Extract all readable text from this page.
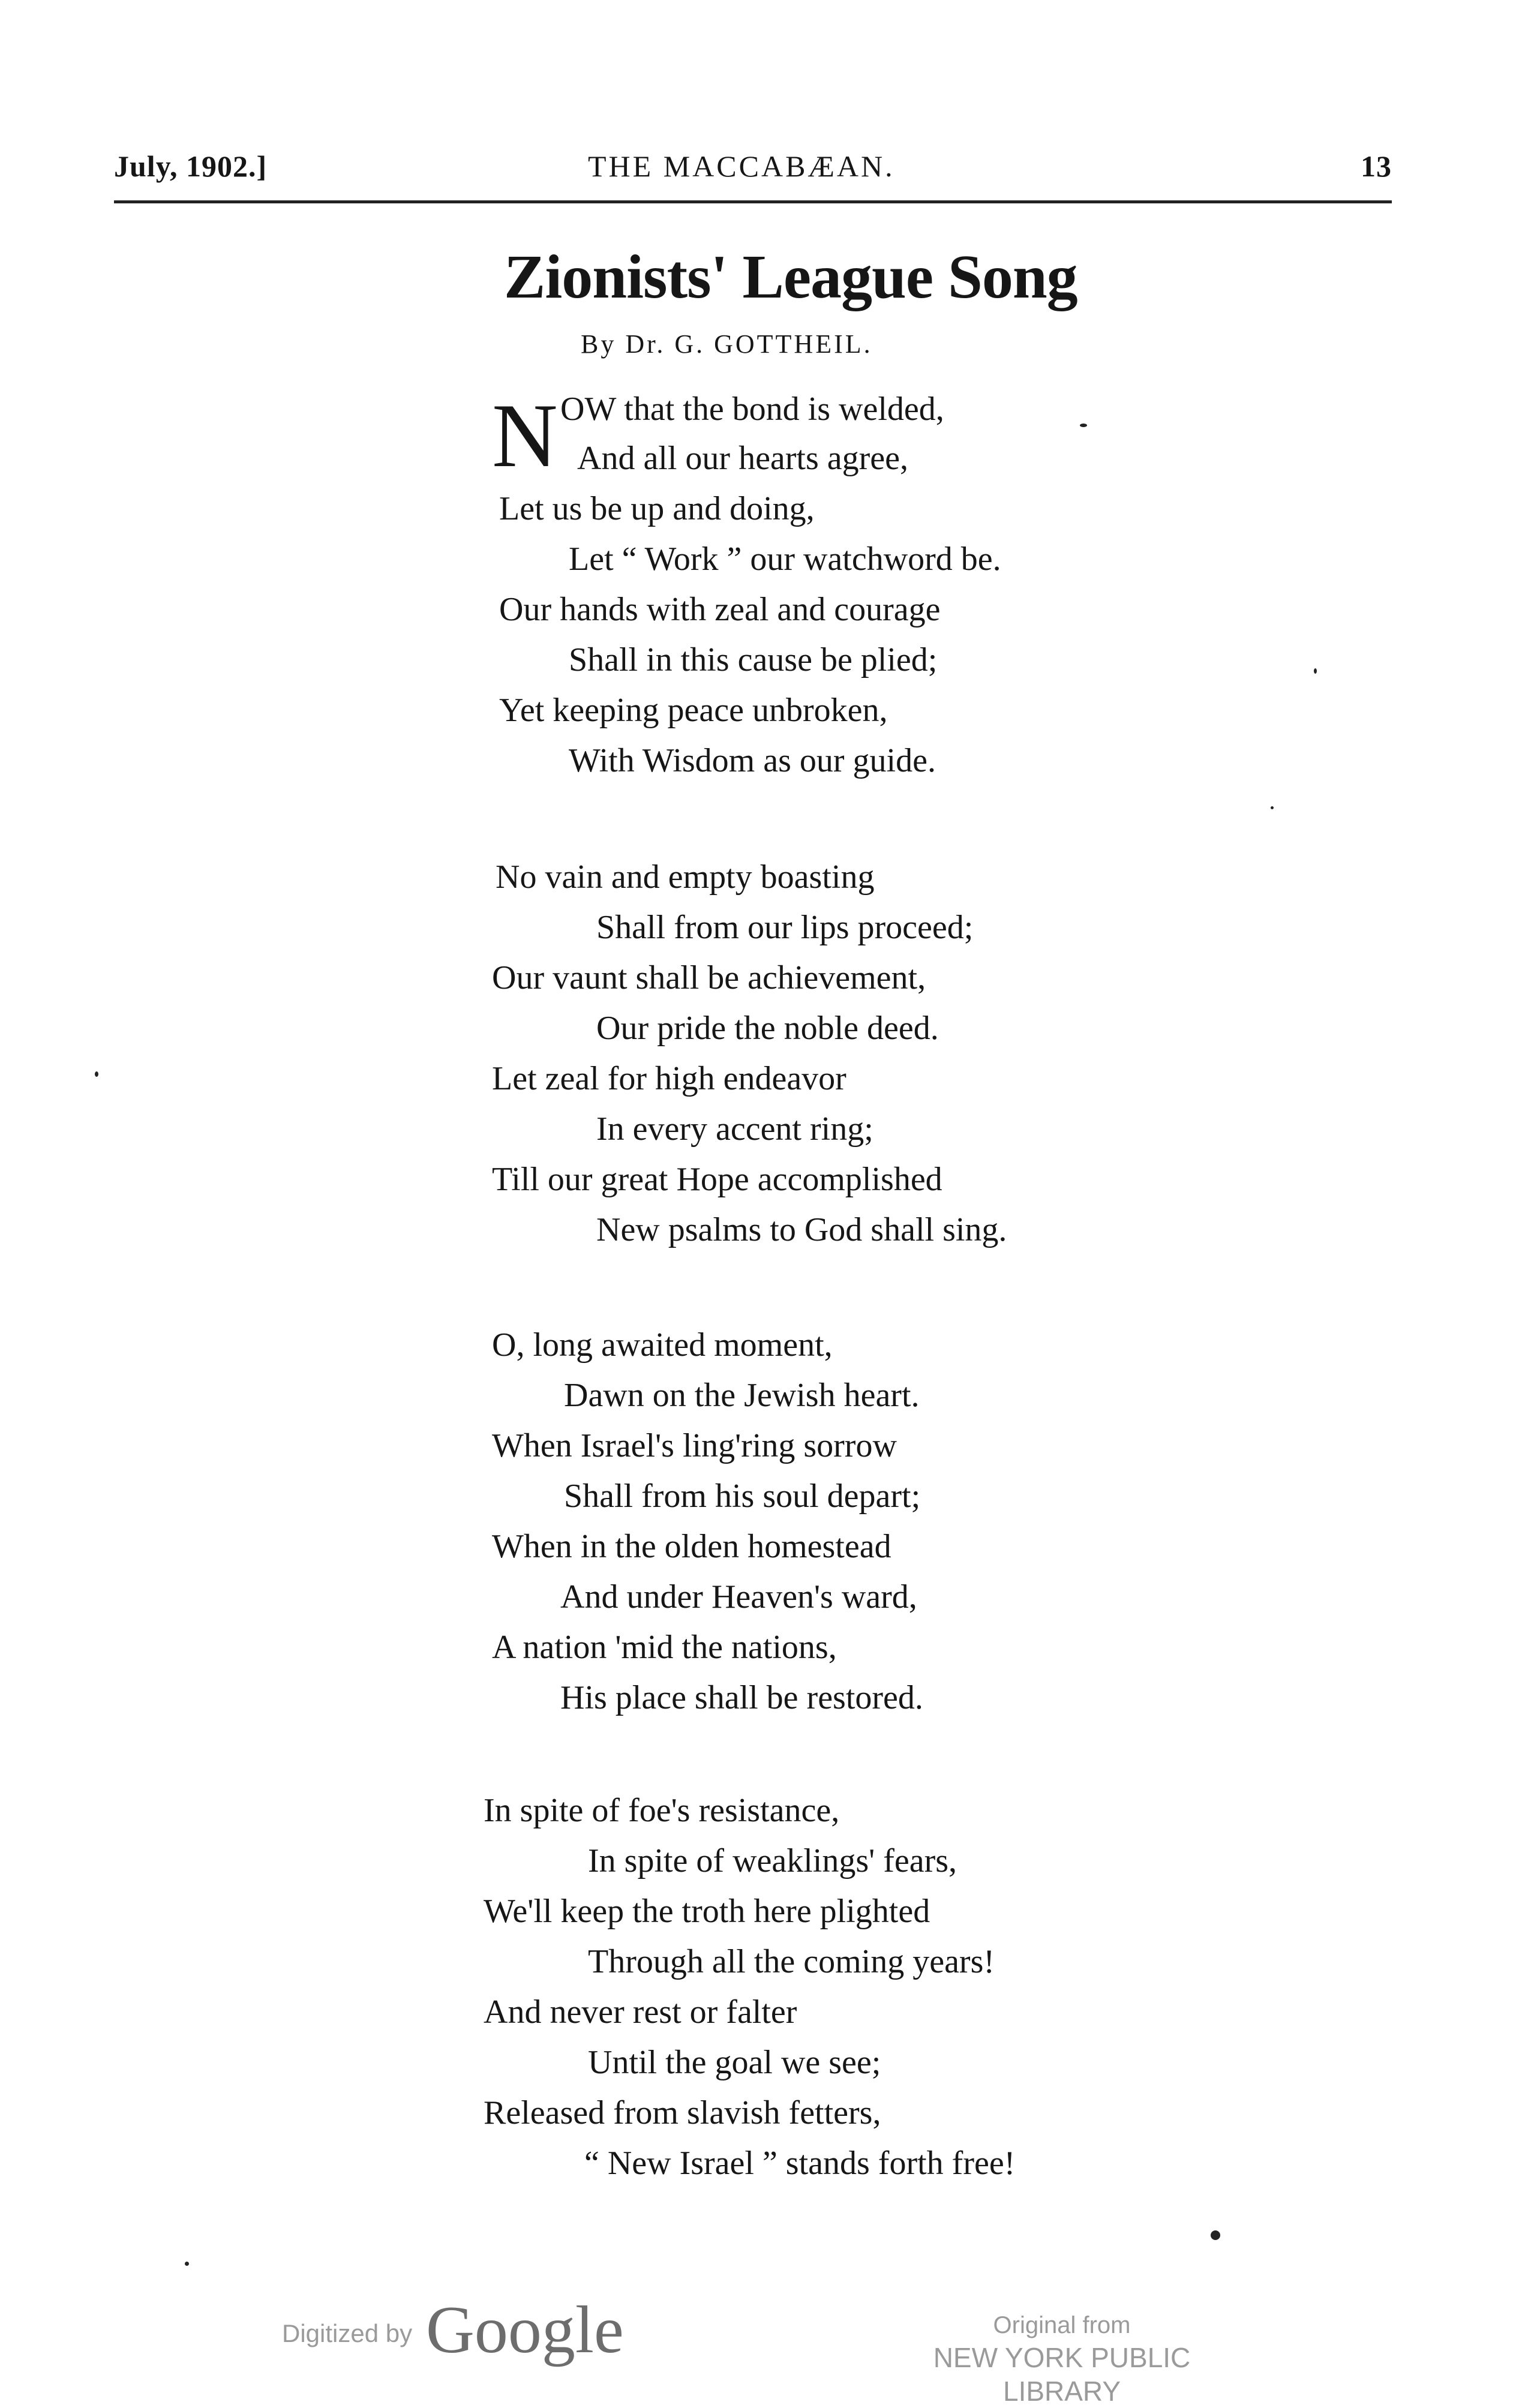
July, 1902.]	THE MACCABÆAN.	13
Zionists' League Song
By Dr. G. GOTTHEIL.
N OW that the bond is welded,
And all our hearts agree,
Let us be up and doing,
Let “ Work ” our watchword be.
Our hands with zeal and courage
Shall in this cause be plied;
Yet keeping peace unbroken,
With Wisdom as our guide.
No vain and empty boasting
Shall from our lips proceed;
Our vaunt shall be achievement,
Our pride the noble deed.
Let zeal for high endeavor
In every accent ring;
Till our great Hope accomplished
New psalms to God shall sing.
O, long awaited moment,
Dawn on the Jewish heart.
When Israel's ling'ring sorrow
Shall from his soul depart;
When in the olden homestead
And under Heaven's ward,
A nation 'mid the nations,
His place shall be restored.
In spite of foe's resistance,
In spite of weaklings' fears,
We'll keep the troth here plighted
Through all the coming years!
And never rest or falter
Until the goal we see;
Released from slavish fetters,
“ New Israel ” stands forth free!
Digitized by Google	Original from
NEW YORK PUBLIC LIBRARY
